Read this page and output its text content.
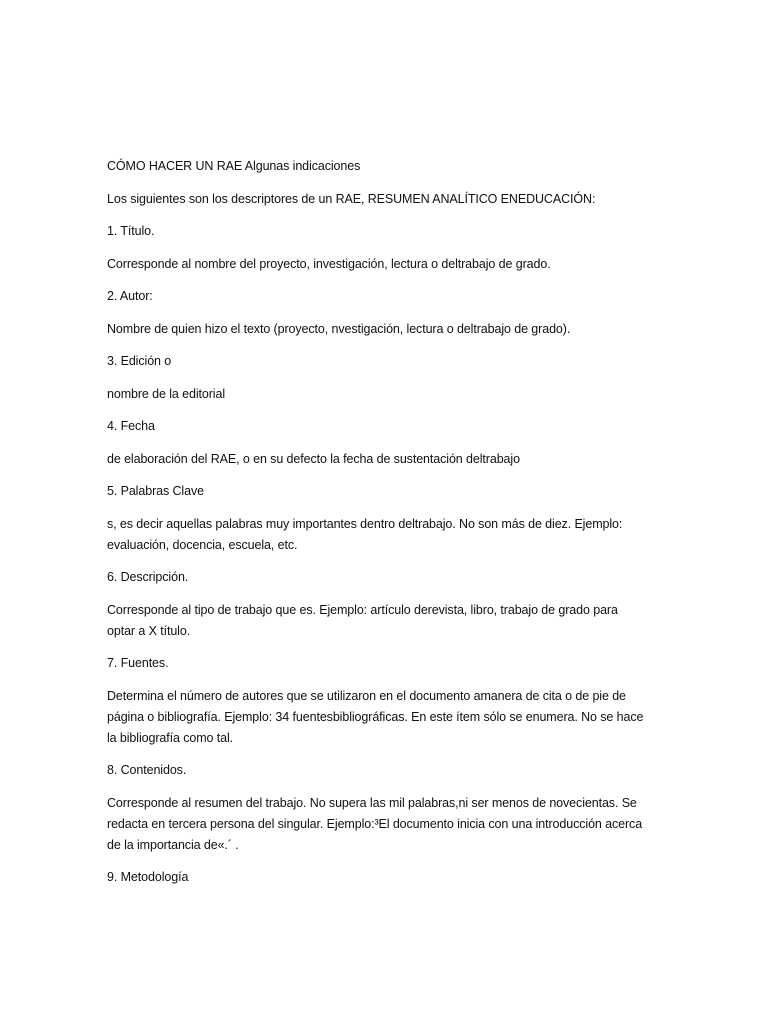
CÓMO HACER UN RAE Algunas indicaciones

Los siguientes son los descriptores de un RAE, RESUMEN ANALÍTICO ENEDUCACIÓN:

1. Título.

Corresponde al nombre del proyecto, investigación, lectura o deltrabajo de grado.

2. Autor:

Nombre de quien hizo el texto (proyecto, nvestigación, lectura o deltrabajo de grado).

3. Edición o

nombre de la editorial

4. Fecha

de elaboración del RAE, o en su defecto la fecha de sustentación deltrabajo

5. Palabras Clave

s, es decir aquellas palabras muy importantes dentro deltrabajo. No son más de diez. Ejemplo: evaluación, docencia, escuela, etc.

6. Descripción.

Corresponde al tipo de trabajo que es. Ejemplo: artículo derevista, libro, trabajo de grado para optar a X título.

7. Fuentes.

Determina el número de autores que se utilizaron en el documento amanera de cita o de pie de página o bibliografía. Ejemplo: 34 fuentesbibliográficas. En este ítem sólo se enumera. No se hace la bibliografía como tal.

8. Contenidos.

Corresponde al resumen del trabajo. No supera las mil palabras,ni ser menos de novecientas. Se redacta en tercera persona del singular. Ejemplo:³El documento inicia con una introducción acerca de la importancia de«.´ .

9. Metodología
